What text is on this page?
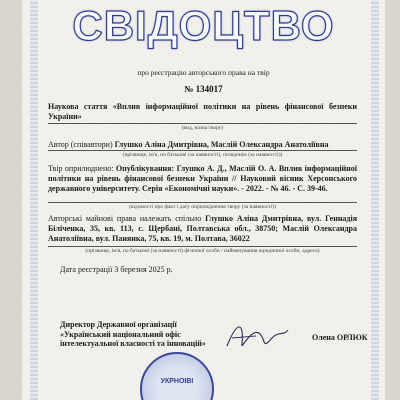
СВІДОЦТВО
про реєстрацію авторського права на твір
№ 134017
Наукова стаття «Вплив інформаційної політики на рівень фінансової безпеки України»
(вид, назва твору)
Автор (співавтори) Глушко Аліна Дмитрівна, Маслій Олександра Анатоліївна
(прізвище, ім'я, по батькові (за наявності), псевдонім (за наявності))
Твір оприлюднено: Опублікування: Глушко А. Д., Маслій О. А. Вплив інформаційної політики на рівень фінансової безпеки України // Науковий вісник Херсонського державного університету. Серія «Економічні науки». - 2022. - № 46. - С. 39-46.
(відомості про факт і дату оприлюднення твору (за наявності))
Авторські майнові права належать спільно Глушко Аліна Дмитрівна, вул. Геннадія Біліченка, 35, кв. 113, с. Щербані, Полтавська обл., 38750; Маслій Олександра Анатоліївна, вул. Панянка, 75, кв. 19, м. Полтава, 36022
(прізвище, ім'я, по батькові (за наявності) фізичної особи / найменування юридичної особи, адреса)
Дата реєстрації 3 березня 2025 р.
Директор Державної організації «Український національний офіс інтелектуальної власності та інновацій»
Олена ОРЛЮК
УКРНОІВІ
